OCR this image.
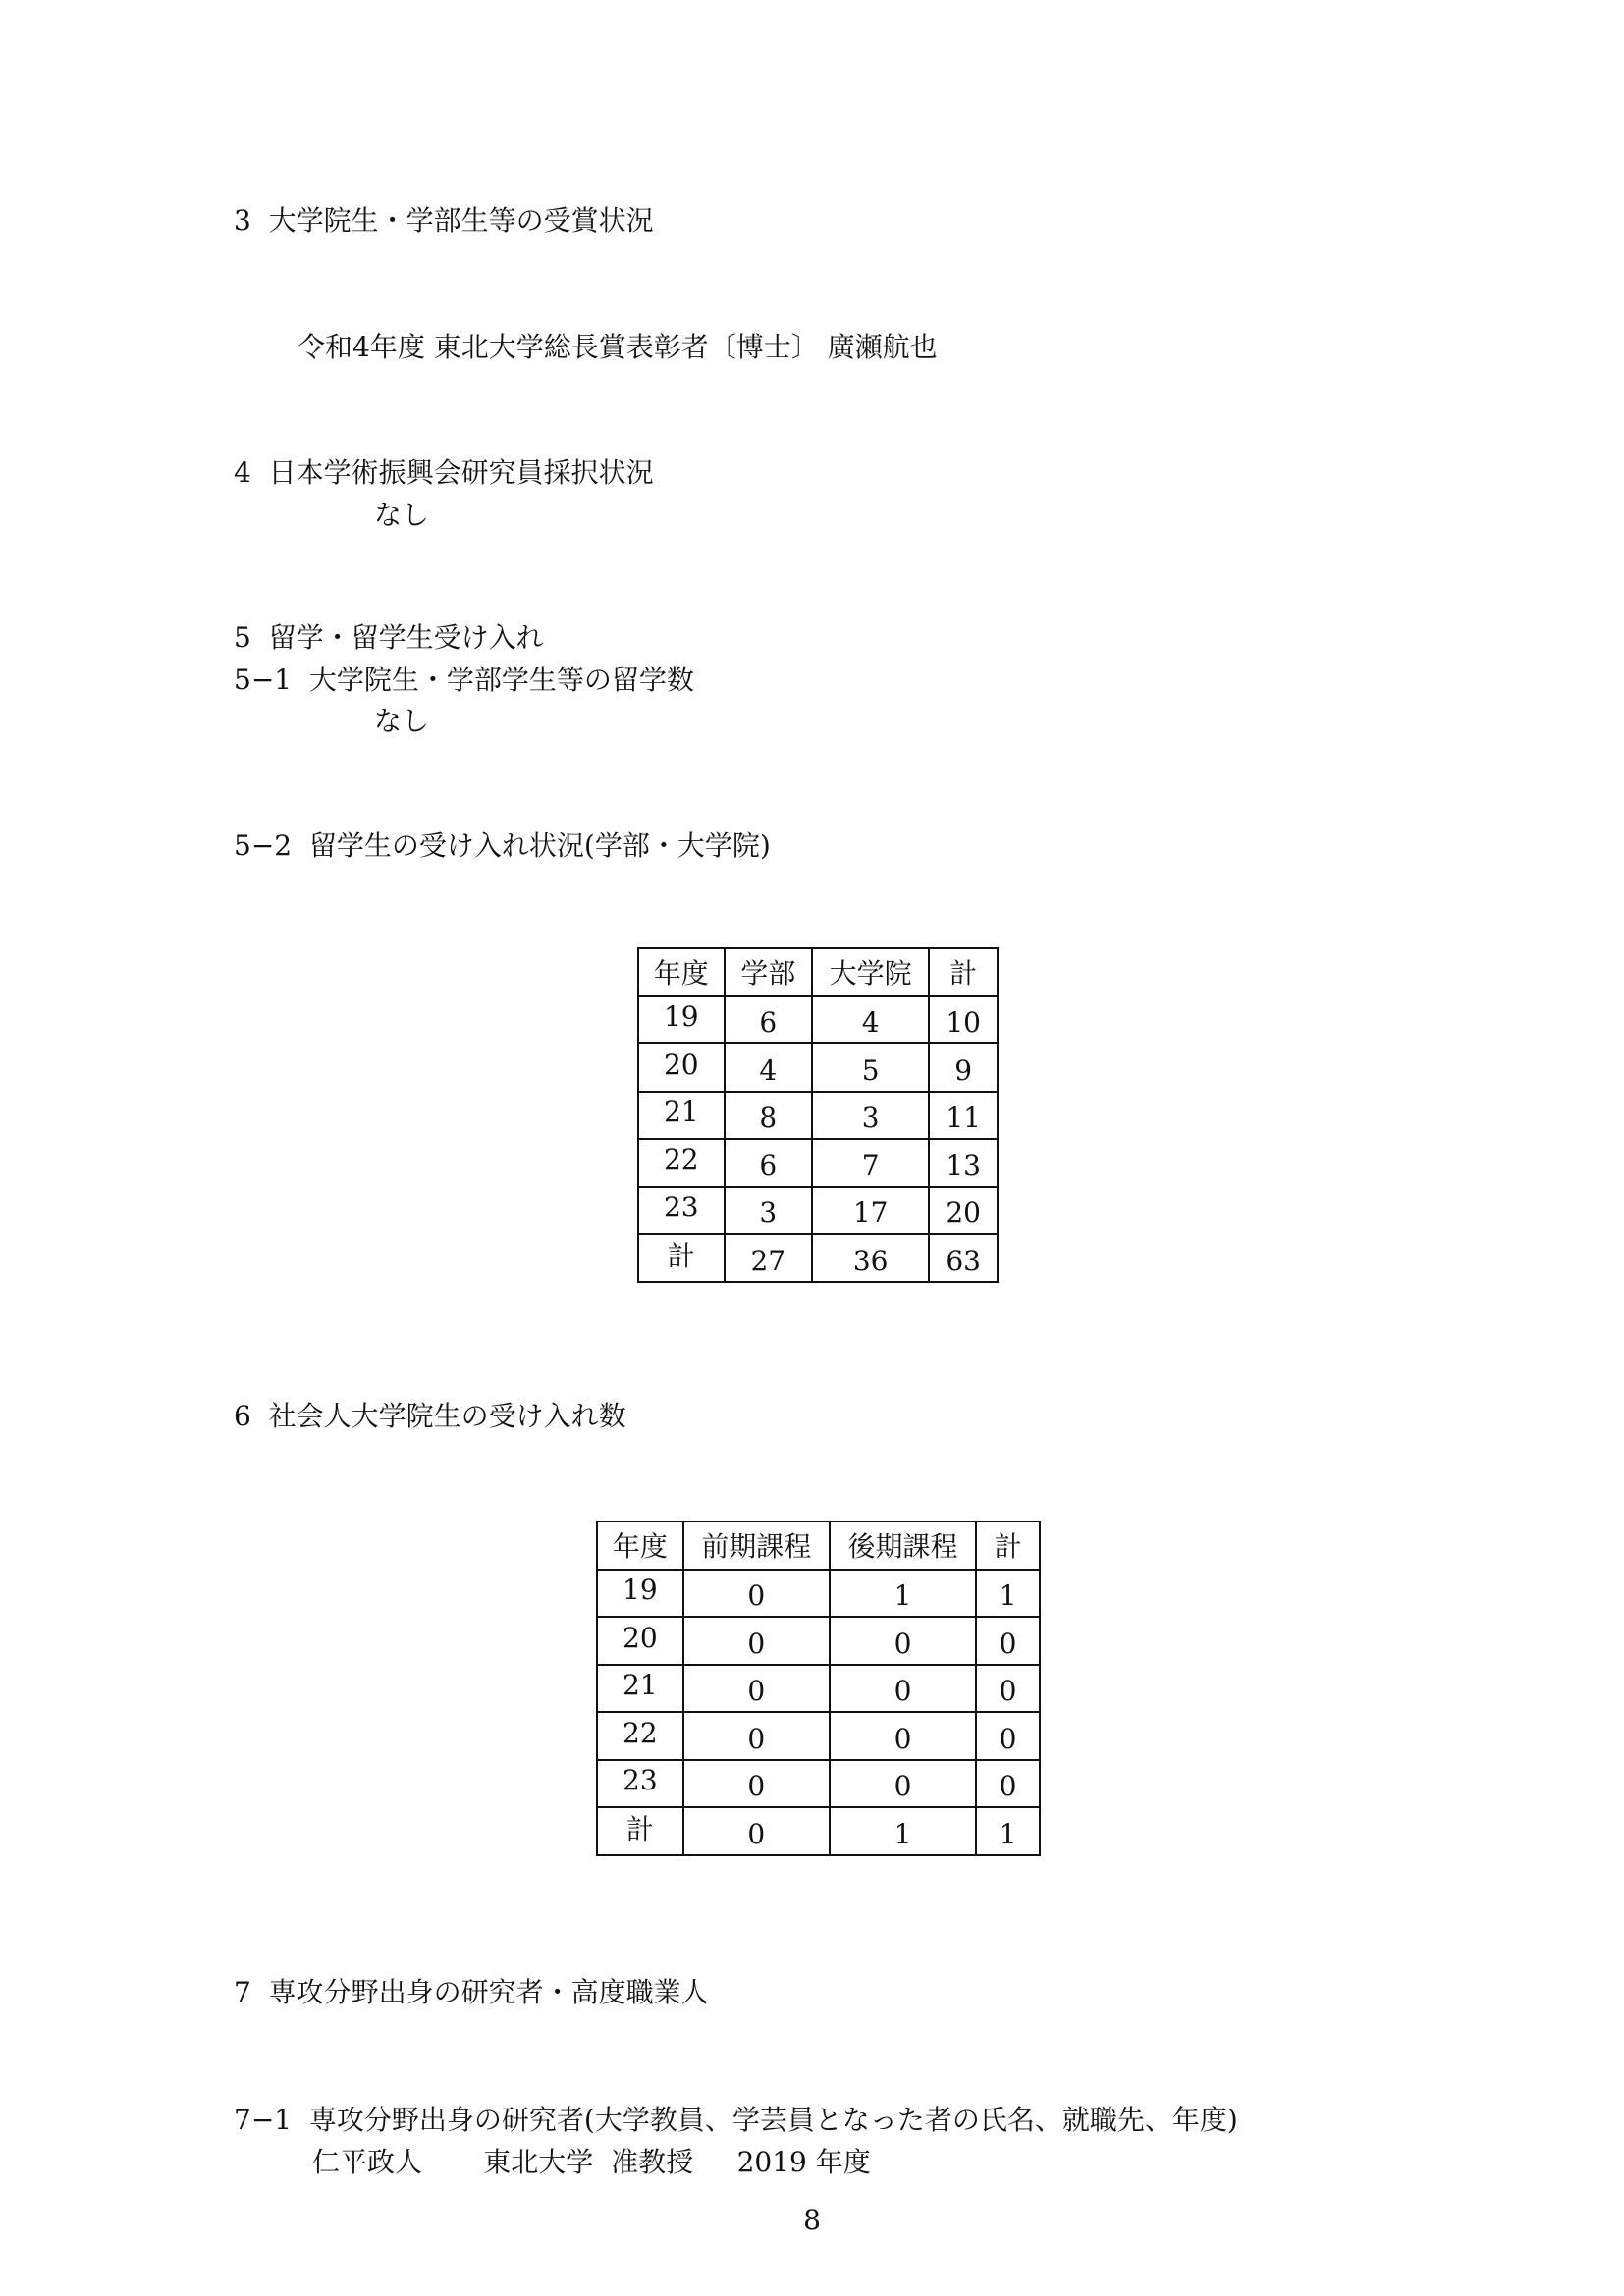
3  大学院生・学部生等の受賞状況
令和4年度 東北大学総長賞表彰者〔博士〕 廣瀬航也
4  日本学術振興会研究員採択状況
なし
5  留学・留学生受け入れ
5−1  大学院生・学部学生等の留学数
なし
5−2  留学生の受け入れ状況(学部・大学院)
年度	学部	大学院	計
19	6	4	10
20	4	5	9
21	8	3	11
22	6	7	13
23	3	17	20
計	27	36	63
6  社会人大学院生の受け入れ数
年度	前期課程	後期課程	計
19	0	1	1
20	0	0	0
21	0	0	0
22	0	0	0
23	0	0	0
計	0	1	1
7  専攻分野出身の研究者・高度職業人
7−1  専攻分野出身の研究者(大学教員、学芸員となった者の氏名、就職先、年度)
仁平政人       東北大学  准教授     2019 年度
8
